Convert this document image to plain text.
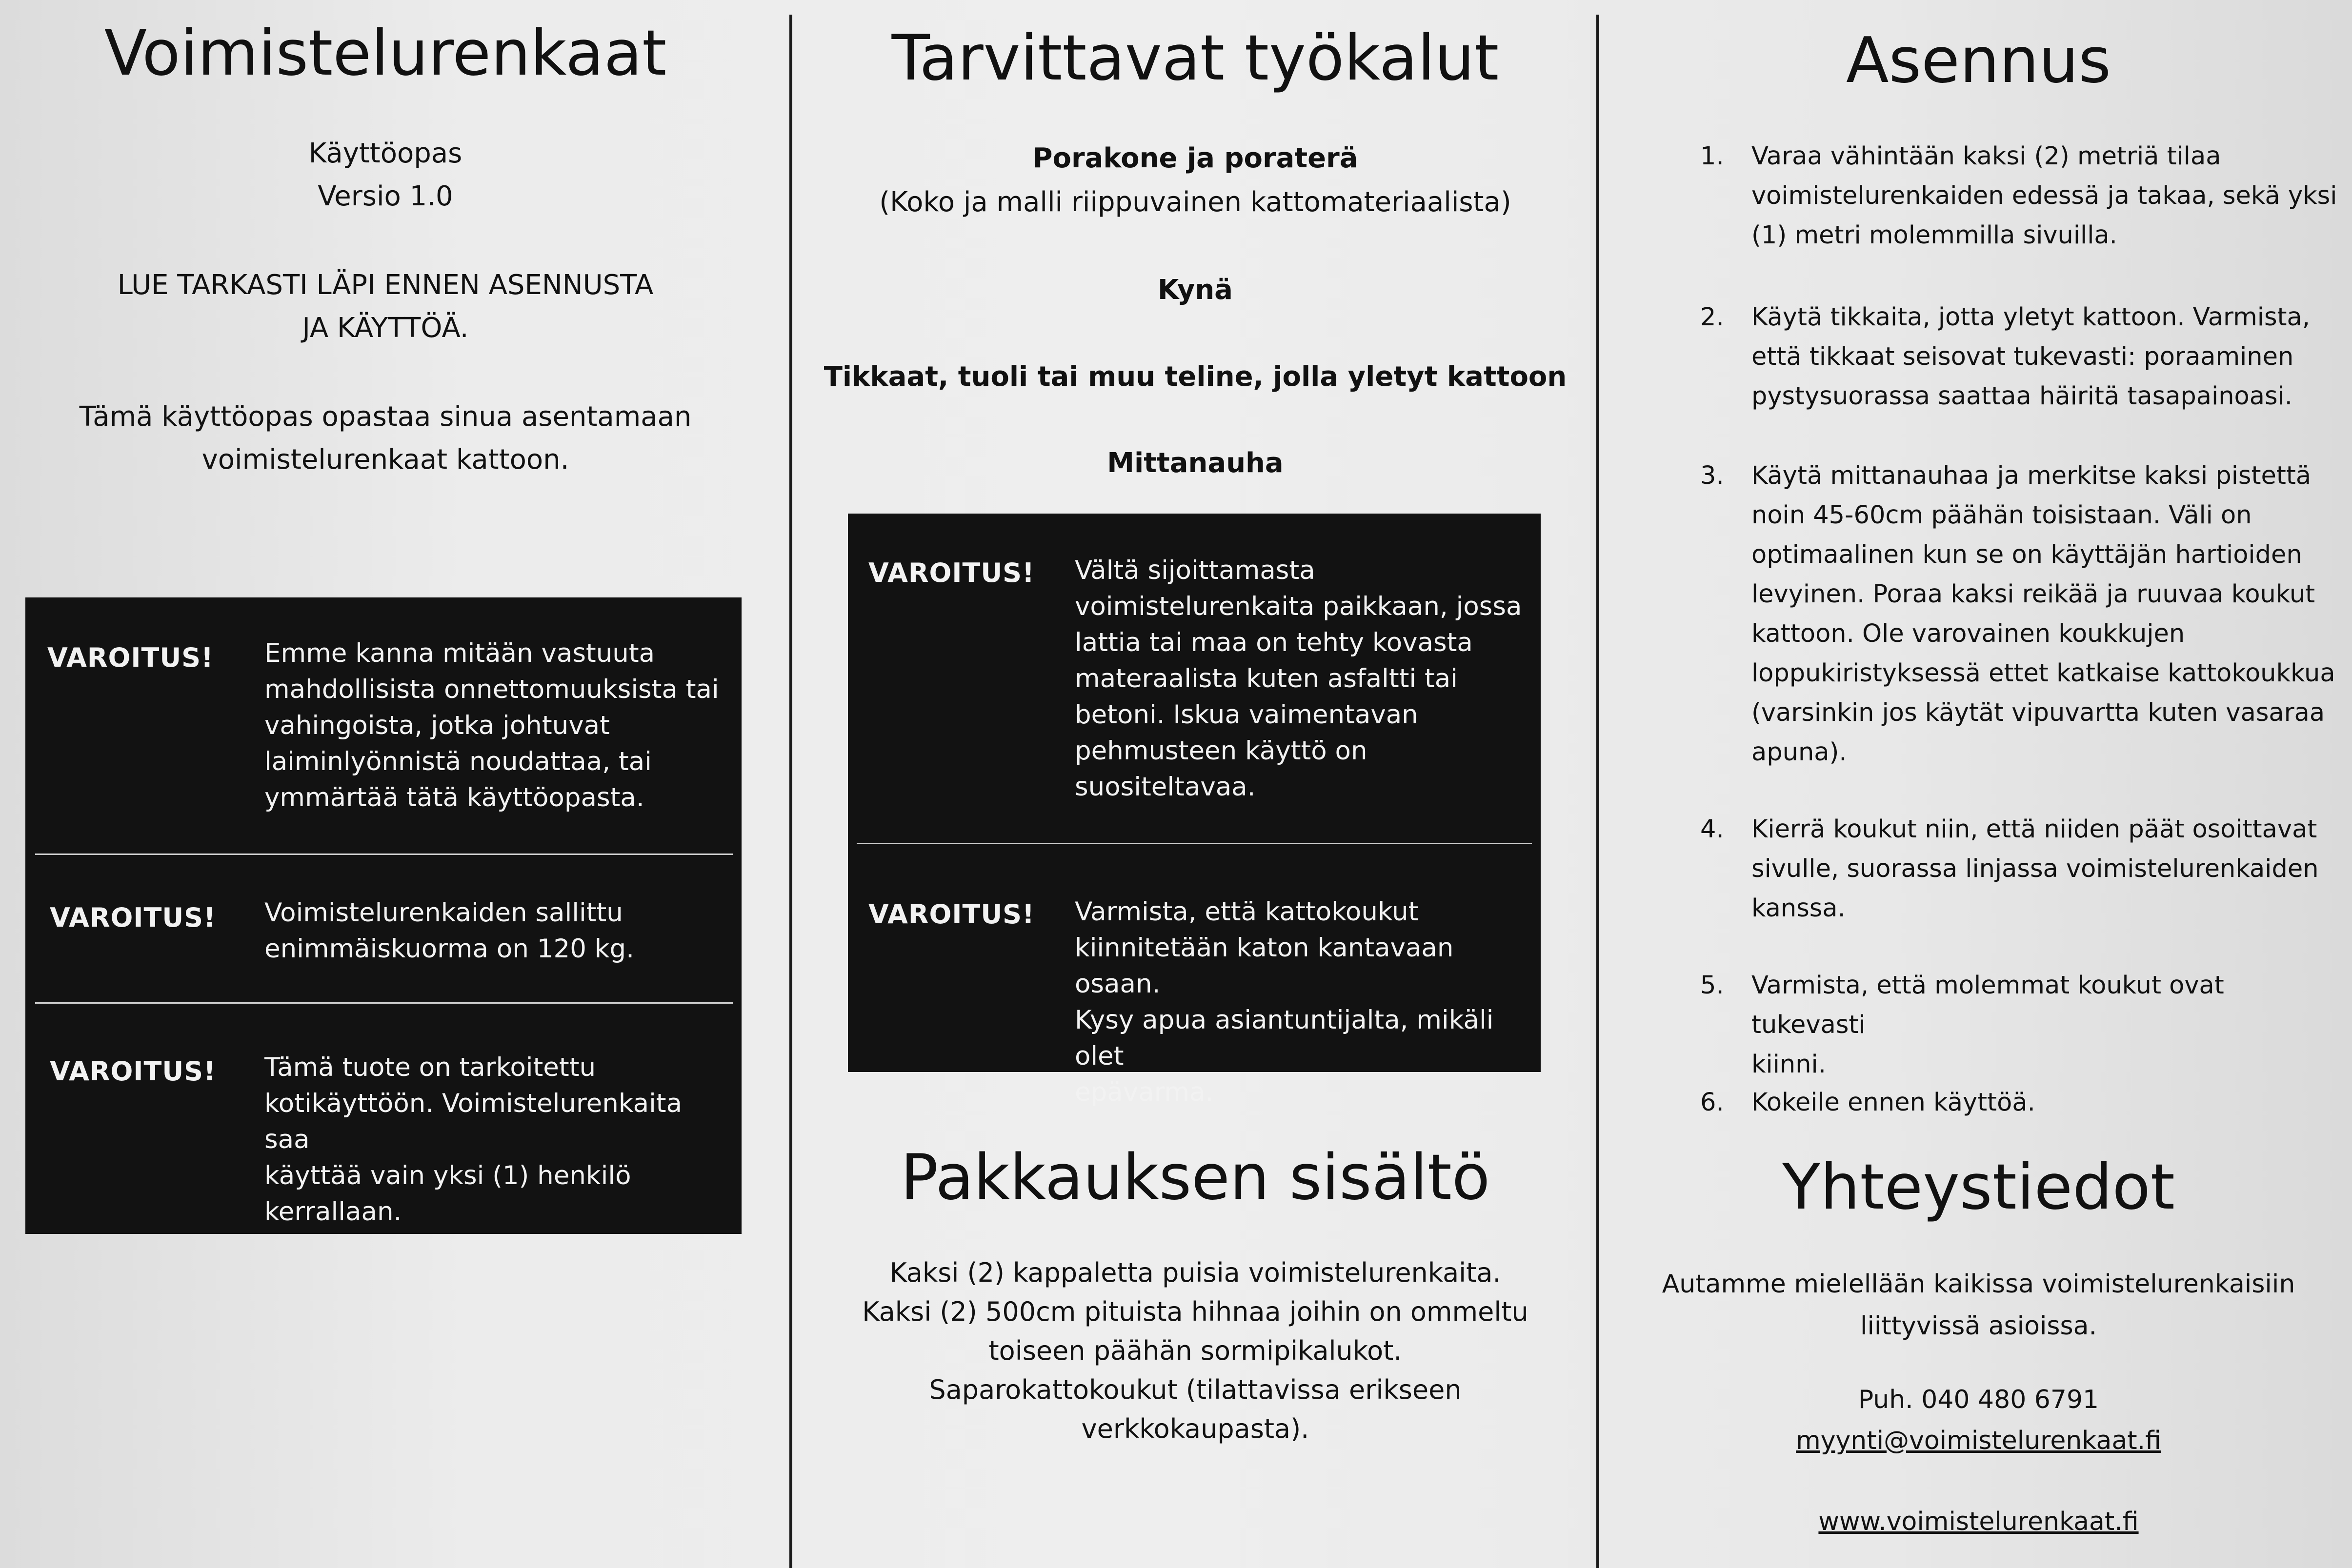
Voimistelurenkaat
Käyttöopas
Versio 1.0
LUE TARKASTI LÄPI ENNEN ASENNUSTA
JA KÄYTTÖÄ.
Tämä käyttöopas opastaa sinua asentamaan
voimistelurenkaat kattoon.
VAROITUS! Emme kanna mitään vastuuta
mahdollisista onnettomuuksista tai
vahingoista, jotka johtuvat
laiminlyönnistä noudattaa, tai
ymmärtää tätä käyttöopasta.
VAROITUS! Voimistelurenkaiden sallittu
enimmäiskuorma on 120 kg.
VAROITUS! Tämä tuote on tarkoitettu
kotikäyttöön. Voimistelurenkaita saa
käyttää vain yksi (1) henkilö
kerrallaan.
Tarvittavat työkalut
Porakone ja poraterä
(Koko ja malli riippuvainen kattomateriaalista)
Kynä
Tikkaat, tuoli tai muu teline, jolla yletyt kattoon
Mittanauha
VAROITUS! Vältä sijoittamasta
voimistelurenkaita paikkaan, jossa
lattia tai maa on tehty kovasta
materaalista kuten asfaltti tai
betoni. Iskua vaimentavan
pehmusteen käyttö on
suositeltavaa.
VAROITUS! Varmista, että kattokoukut
kiinnitetään katon kantavaan osaan.
Kysy apua asiantuntijalta, mikäli olet
epävarma.
Pakkauksen sisältö
Kaksi (2) kappaletta puisia voimistelurenkaita.
Kaksi (2) 500cm pituista hihnaa joihin on ommeltu
toiseen päähän sormipikalukot.
Saparokattokoukut (tilattavissa erikseen
verkkokaupasta).
Asennus
1. Varaa vähintään kaksi (2) metriä tilaa
voimistelurenkaiden edessä ja takaa, sekä yksi
(1) metri molemmilla sivuilla.
2. Käytä tikkaita, jotta yletyt kattoon. Varmista,
että tikkaat seisovat tukevasti: poraaminen
pystysuorassa saattaa häiritä tasapainoasi.
3. Käytä mittanauhaa ja merkitse kaksi pistettä
noin 45-60cm päähän toisistaan. Väli on
optimaalinen kun se on käyttäjän hartioiden
levyinen. Poraa kaksi reikää ja ruuvaa koukut
kattoon. Ole varovainen koukkujen
loppukiristyksessä ettet katkaise kattokoukkua
(varsinkin jos käytät vipuvartta kuten vasaraa
apuna).
4. Kierrä koukut niin, että niiden päät osoittavat
sivulle, suorassa linjassa voimistelurenkaiden
kanssa.
5. Varmista, että molemmat koukut ovat tukevasti
kiinni.
6. Kokeile ennen käyttöä.
Yhteystiedot
Autamme mielellään kaikissa voimistelurenkaisiin
liittyvissä asioissa.
Puh. 040 480 6791
myynti@voimistelurenkaat.fi
www.voimistelurenkaat.fi
